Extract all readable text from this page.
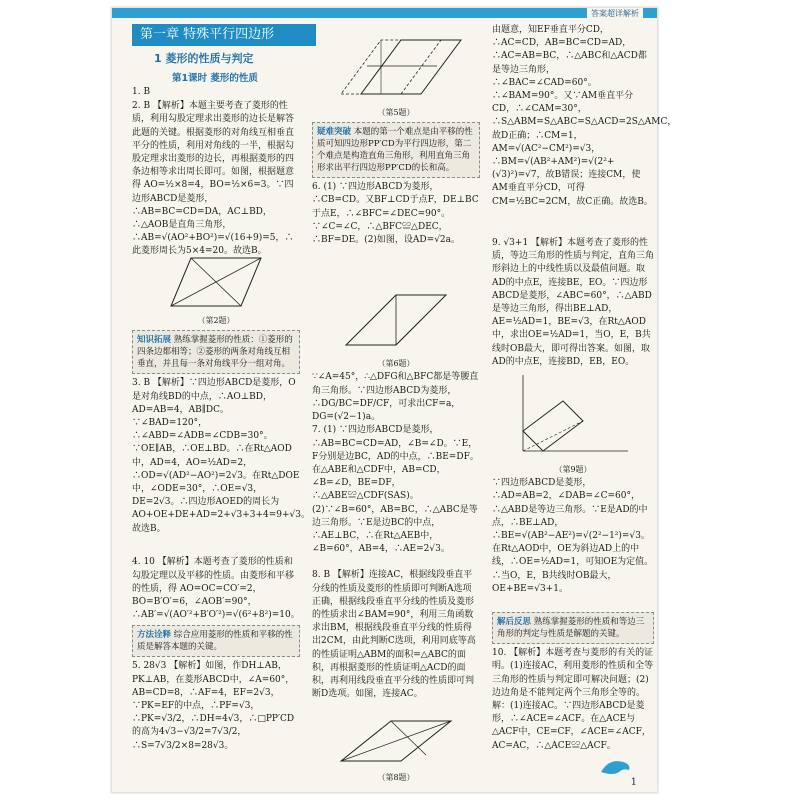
答案超详解析
第一章 特殊平行四边形
1 菱形的性质与判定
第1课时 菱形的性质

1. B

2. B 【解析】本题主要考查了菱形的性质，利用勾股定理求出菱形的边长是解答此题的关键。根据菱形的对角线互相垂直平分的性质，利用对角线的一半，根据勾股定理求出菱形的边长，再根据菱形的四条边相等求出周长即可。如图，根据题意得 AO=½×8=4，BO=½×6=3。∵四边形ABCD是菱形，∴AB=BC=CD=DA，AC⊥BD，∴△AOB是直角三角形，∴AB=√(AO²+BO²)=√(16+9)=5，∴此菱形周长为5×4=20。故选B。

（第2题）

知识拓展 熟练掌握菱形的性质：①菱形的四条边都相等；②菱形的两条对角线互相垂直，并且每一条对角线平分一组对角。

3. B 【解析】∵四边形ABCD是菱形，O是对角线BD的中点，∴AO⊥BD，AD=AB=4，AB∥DC。∵∠BAD=120°，∴∠ABD=∠ADB=∠CDB=30°。∵OE∥AB，∴OE⊥BD。∴在Rt△AOD中，AD=4，AO=½AD=2，∴OD=√(AD²−AO²)=2√3。在Rt△DOE中，∠ODE=30°，∴OE=√3，DE=2√3。∴四边形AOED的周长为AO+OE+DE+AD=2+√3+3+4=9+√3。故选B。

4. 10 【解析】本题考查了菱形的性质和勾股定理以及平移的性质。由菱形和平移的性质，得 AO=OC=CO′=2，BO=B′O′=6，∠AOB′=90°，∴AB′=√(AO′²+B′O′²)=√(6²+8²)=10。

方法诠释 综合应用菱形的性质和平移的性质是解答本题的关键。

5. 28√3 【解析】如图，作DH⊥AB，PK⊥AB，在菱形ABCD中，∠A=60°，AB=CD=8，∴AF=4，EF=2√3，∵PK=EF的中点，∴PF=√3，∴PK=√3/2，∴DH=4√3，∴□PP′CD的高为4√3−√3/2=7√3/2，∴S=7√3/2×8=28√3。

（第5题）

疑难突破 本题的第一个难点是由平移的性质可知四边形PP′CD为平行四边形，第二个难点是构造直角三角形，利用直角三角形求出平行四边形PP′CD的长和高。

6. (1) ∵四边形ABCD为菱形，∴CB=CD。又BF⊥CD于点F，DE⊥BC于点E，∴∠BFC=∠DEC=90°。∵∠C=∠C，∴△BFC≌△DEC，∴BF=DE。(2)如图，设AD=√2a。

（第6题）

∵∠A=45°，∴△DFG和△BFC都是等腰直角三角形。∵四边形ABCD为菱形，∴DG/BC=DF/CF，可求出CF=a，DG=(√2−1)a。

7. (1) ∵四边形ABCD是菱形，∴AB=BC=CD=AD，∠B=∠D。∵E，F分别是边BC，AD的中点，∴BE=DF。在△ABE和△CDF中，AB=CD，∠B=∠D，BE=DF，∴△ABE≌△CDF(SAS)。(2)∵∠B=60°，AB=BC，∴△ABC是等边三角形。∵E是边BC的中点，∴AE⊥BC，∴在Rt△AEB中，∠B=60°，AB=4，∴AE=2√3。

8. B 【解析】连接AC，根据线段垂直平分线的性质及菱形的性质即可判断A选项正确，根据线段垂直平分线的性质及菱形的性质求出∠BAM=90°，利用三角函数求出BM，根据线段垂直平分线的性质得出2CM，由此判断C选项，利用同底等高的性质证明△ABM的面积=△ABC的面积，再根据菱形的性质证明△ACD的面积，再利用线段垂直平分线的性质即可判断D选项。如图，连接AC。

（第8题）

由题意，知EF垂直平分CD，∴AC=CD，AB=BC=CD=AD，∴AC=AB=BC，∴△ABC和△ACD都是等边三角形，∴∠BAC=∠CAD=60°。∴∠BAM=90°。又∵AM垂直平分CD，∴∠CAM=30°，∴S△ABM=S△ABC=S△ACD=2S△AMC，故D正确；∴CM=1，AM=√(AC²−CM²)=√3，∴BM=√(AB²+AM²)=√(2²+(√3)²)=√7，故B错误；连接CM，使AM垂直平分CD，可得CM=½BC=2CM，故C正确。故选B。

9. √3+1 【解析】本题考查了菱形的性质，等边三角形的性质与判定，直角三角形斜边上的中线性质以及最值问题。取AD的中点E，连接BE，EO。∵四边形ABCD是菱形，∠ABC=60°，∴△ABD是等边三角形，得出BE⊥AD，AE=½AD=1，BE=√3，在Rt△AOD中，求出OE=½AD=1，当O，E，B共线时OB最大，即可得出答案。如图，取AD的中点E，连接BD，EB，EO。

（第9题）

∵四边形ABCD是菱形，∴AD=AB=2，∠DAB=∠C=60°，∴△ABD是等边三角形。∵E是AD的中点，∴BE⊥AD，∴BE=√(AB²−AE²)=√(2²−1²)=√3。在Rt△AOD中，OE为斜边AD上的中线，∴OE=½AD=1，可知OE为定值。∴当O，E，B共线时OB最大，OE+BE=√3+1。

解后反思 熟练掌握菱形的性质和等边三角形的判定与性质是解题的关键。

10. 【解析】本题考查与菱形的有关的证明。(1)连接AC，利用菱形的性质和全等三角形的性质与判定即可解决问题；(2)边边角是不能判定两个三角形全等的。解：(1)连接AC。∵四边形ABCD是菱形，∴∠ACE=∠ACF。在△ACE与△ACF中，CE=CF，∠ACE=∠ACF，AC=AC，∴△ACE≌△ACF。

1
